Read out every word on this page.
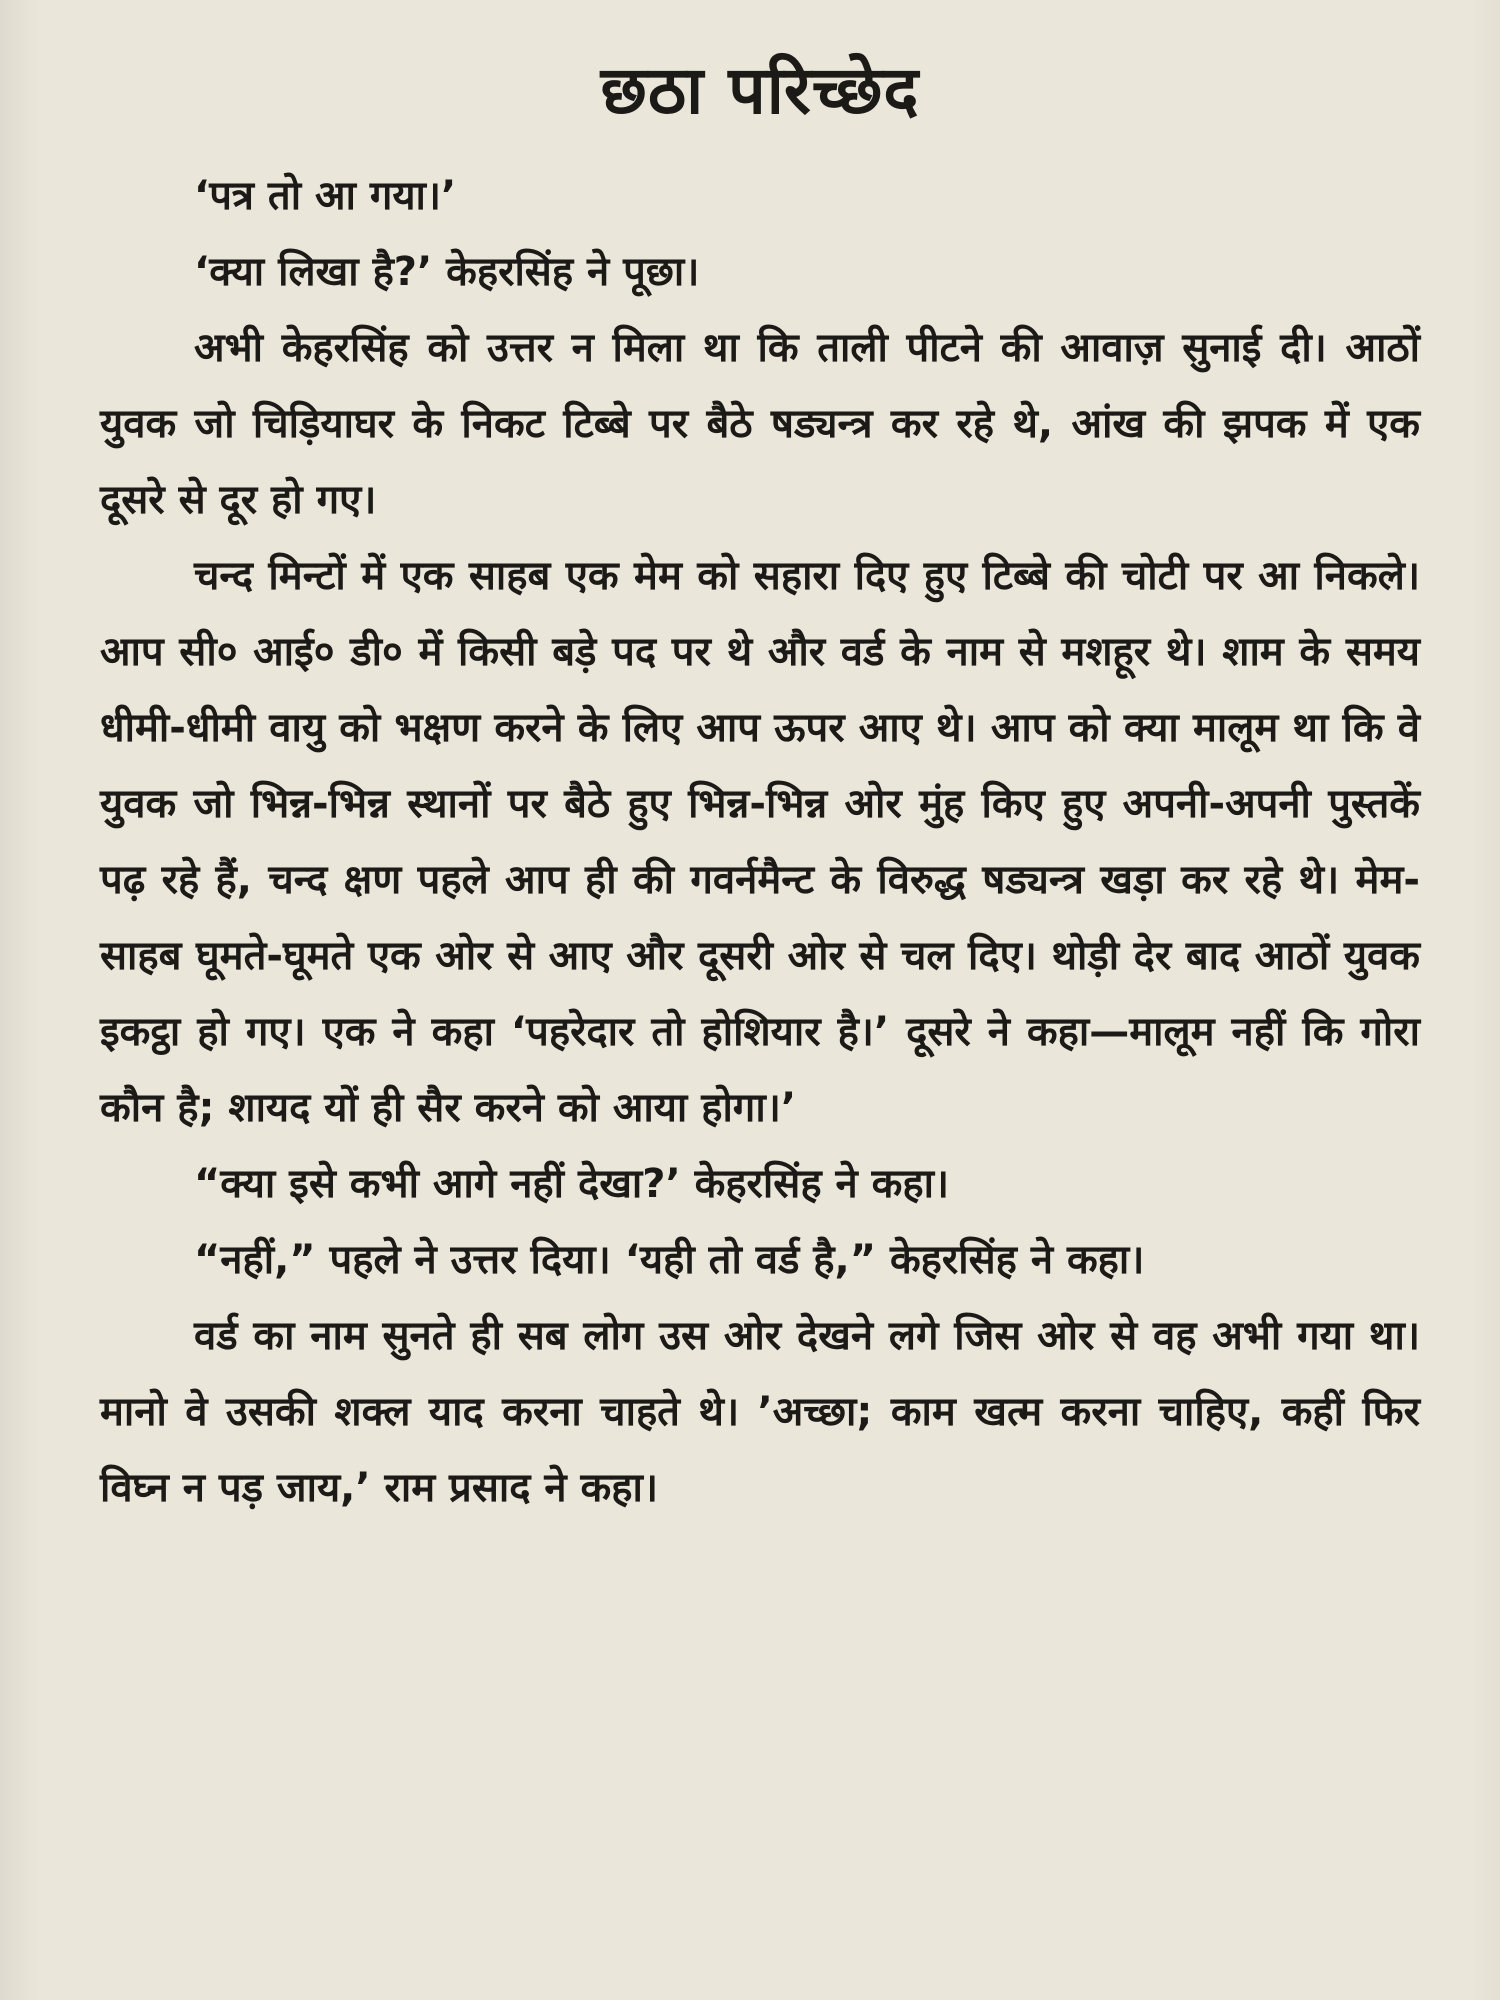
छठा परिच्छेद

‘पत्र तो आ गया।’

‘क्या लिखा है?’ केहरसिंह ने पूछा।

अभी केहरसिंह को उत्तर न मिला था कि ताली पीटने की आवाज़ सुनाई दी। आठों युवक जो चिड़ियाघर के निकट टिब्बे पर बैठे षड्यन्त्र कर रहे थे, आंख की झपक में एक दूसरे से दूर हो गए।

चन्द मिन्टों में एक साहब एक मेम को सहारा दिए हुए टिब्बे की चोटी पर आ निकले। आप सी० आई० डी० में किसी बड़े पद पर थे और वर्ड के नाम से मशहूर थे। शाम के समय धीमी-धीमी वायु को भक्षण करने के लिए आप ऊपर आए थे। आप को क्या मालूम था कि वे युवक जो भिन्न-भिन्न स्थानों पर बैठे हुए भिन्न-भिन्न ओर मुंह किए हुए अपनी-अपनी पुस्तकें पढ़ रहे हैं, चन्द क्षण पहले आप ही की गवर्नमैन्ट के विरुद्ध षड्यन्त्र खड़ा कर रहे थे। मेम-साहब घूमते-घूमते एक ओर से आए और दूसरी ओर से चल दिए। थोड़ी देर बाद आठों युवक इकट्ठा हो गए। एक ने कहा ‘पहरेदार तो होशियार है।’ दूसरे ने कहा—मालूम नहीं कि गोरा कौन है; शायद यों ही सैर करने को आया होगा।’

“क्या इसे कभी आगे नहीं देखा?’ केहरसिंह ने कहा।

“नहीं,” पहले ने उत्तर दिया। ‘यही तो वर्ड है,” केहरसिंह ने कहा।

वर्ड का नाम सुनते ही सब लोग उस ओर देखने लगे जिस ओर से वह अभी गया था। मानो वे उसकी शक्ल याद करना चाहते थे। ’अच्छा; काम खत्म करना चाहिए, कहीं फिर विघ्न न पड़ जाय,’ राम प्रसाद ने कहा।
